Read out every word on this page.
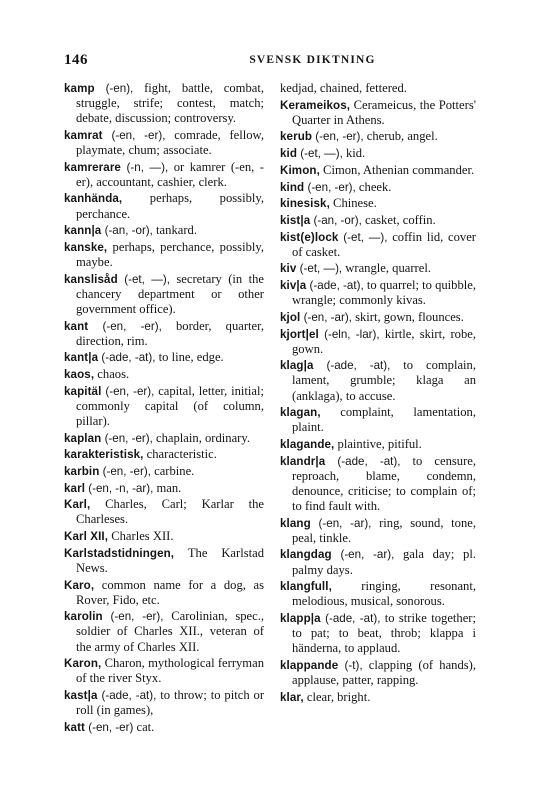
146	SVENSK DIKTNING

kamp (-en), fight, battle, combat, struggle, strife; contest, match; debate, discussion; controversy.

kamrat (-en, -er), comrade, fellow, playmate, chum; associate.

kamrerare (-n, —), or kamrer (-en, -er), accountant, cashier, clerk.

kanhända, perhaps, possibly, perchance.

kann|a (-an, -or), tankard.

kanske, perhaps, perchance, possibly, maybe.

kanslisåd (-et, —), secretary (in the chancery department or other government office).

kant (-en, -er), border, quarter, direction, rim.

kant|a (-ade, -at), to line, edge.

kaos, chaos.

kapitäl (-en, -er), capital, letter, initial; commonly capital (of column, pillar).

kaplan (-en, -er), chaplain, ordinary.

karakteristisk, characteristic.

karbin (-en, -er), carbine.

karl (-en, -n, -ar), man.

Karl, Charles, Carl; Karlar the Charleses.

Karl XII, Charles XII.

Karlstadstidningen, The Karlstad News.

Karo, common name for a dog, as Rover, Fido, etc.

karolin (-en, -er), Carolinian, spec., soldier of Charles XII., veteran of the army of Charles XII.

Karon, Charon, mythological ferryman of the river Styx.

kast|a (-ade, -at), to throw; to pitch or roll (in games),

katt (-en, -er) cat.

kedjad, chained, fettered.

Kerameikos, Cerameicus, the Potters' Quarter in Athens.

kerub (-en, -er), cherub, angel.

kid (-et, —), kid.

Kimon, Cimon, Athenian commander.

kind (-en, -er), cheek.

kinesisk, Chinese.

kist|a (-an, -or), casket, coffin.

kist(e)lock (-et, —), coffin lid, cover of casket.

kiv (-et, —), wrangle, quarrel.

kiv|a (-ade, -at), to quarrel; to quibble, wrangle; commonly kivas.

kjol (-en, -ar), skirt, gown, flounces.

kjort|el (-eln, -lar), kirtle, skirt, robe, gown.

klag|a (-ade, -at), to complain, lament, grumble; klaga an (anklaga), to accuse.

klagan, complaint, lamentation, plaint.

klagande, plaintive, pitiful.

klandr|a (-ade, -at), to censure, reproach, blame, condemn, denounce, criticise; to complain of; to find fault with.

klang (-en, -ar), ring, sound, tone, peal, tinkle.

klangdag (-en, -ar), gala day; pl. palmy days.

klangfull, ringing, resonant, melodious, musical, sonorous.

klapp|a (-ade, -at), to strike together; to pat; to beat, throb; klappa i händerna, to applaud.

klappande (-t), clapping (of hands), applause, patter, rapping.

klar, clear, bright.
